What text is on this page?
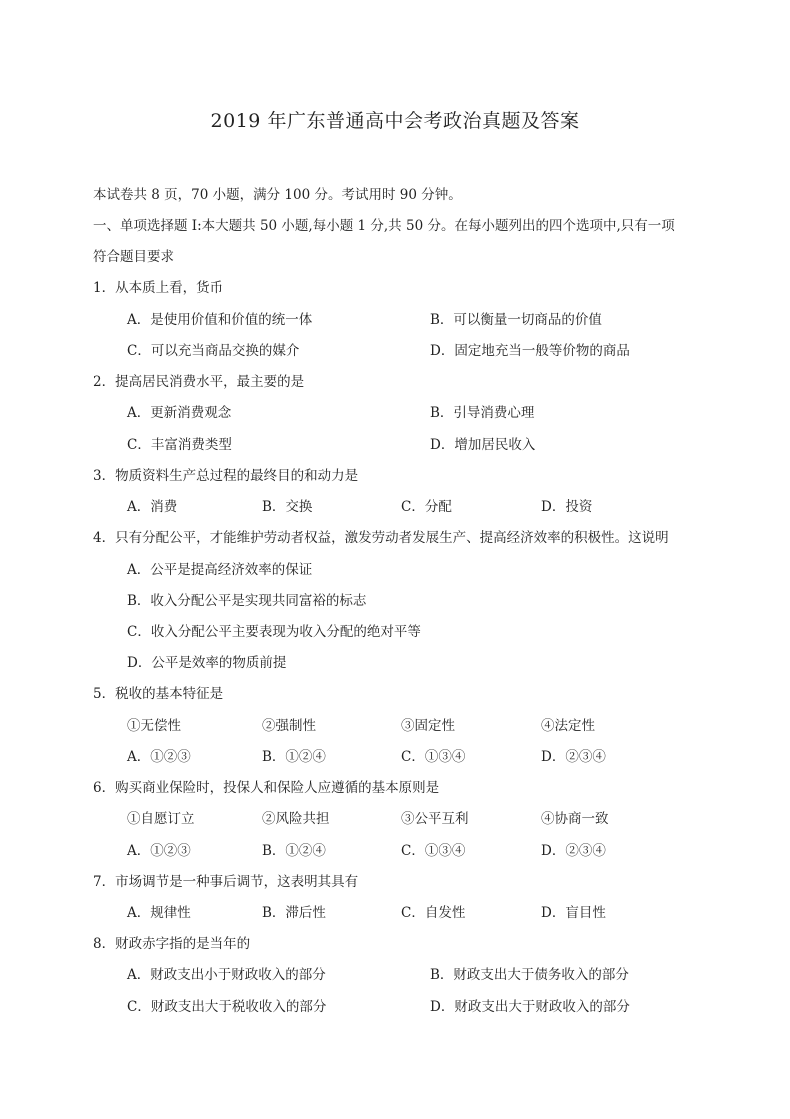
2019 年广东普通高中会考政治真题及答案
本试卷共 8 页，70 小题，满分 100 分。考试用时 90 分钟。
一、单项选择题 I:本大题共 50 小题,每小题 1 分,共 50 分。在每小题列出的四个选项中,只有一项
符合题目要求
1．从本质上看，货币
A．是使用价值和价值的统一体	B．可以衡量一切商品的价值
C．可以充当商品交换的媒介	D．固定地充当一般等价物的商品
2．提高居民消费水平，最主要的是
A．更新消费观念	B．引导消费心理
C．丰富消费类型	D．增加居民收入
3．物质资料生产总过程的最终目的和动力是
A．消费	B．交换	C．分配	D．投资
4．只有分配公平，才能维护劳动者权益，激发劳动者发展生产、提高经济效率的积极性。这说明
A．公平是提高经济效率的保证
B．收入分配公平是实现共同富裕的标志
C．收入分配公平主要表现为收入分配的绝对平等
D．公平是效率的物质前提
5．税收的基本特征是
①无偿性	②强制性	③固定性	④法定性
A．①②③	B．①②④	C．①③④	D．②③④
6．购买商业保险时，投保人和保险人应遵循的基本原则是
①自愿订立	②风险共担	③公平互利	④协商一致
A．①②③	B．①②④	C．①③④	D．②③④
7．市场调节是一种事后调节，这表明其具有
A．规律性	B．滞后性	C．自发性	D．盲目性
8．财政赤字指的是当年的
A．财政支出小于财政收入的部分	B．财政支出大于债务收入的部分
C．财政支出大于税收收入的部分	D．财政支出大于财政收入的部分
